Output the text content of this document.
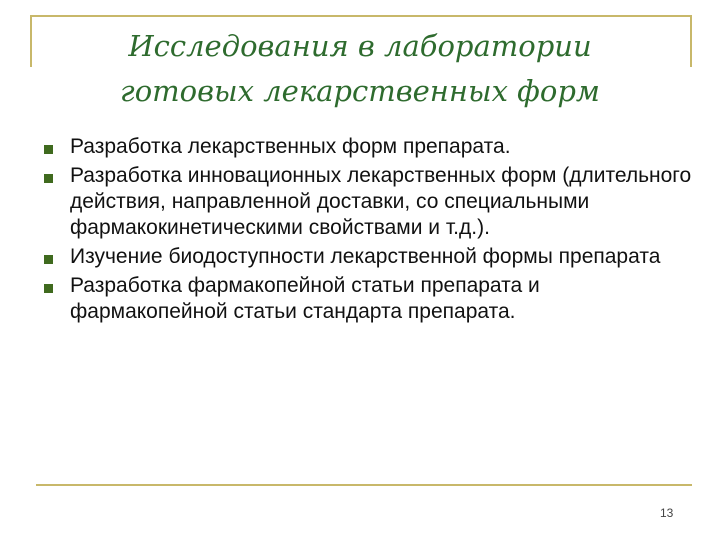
Исследования в лаборатории
готовых лекарственных форм
Разработка лекарственных форм препарата.
Разработка инновационных лекарственных форм (длительного действия, направленной доставки, со специальными фармакокинетическими свойствами и т.д.).
Изучение биодоступности лекарственной формы препарата
Разработка фармакопейной статьи препарата и фармакопейной статьи стандарта препарата.
13
